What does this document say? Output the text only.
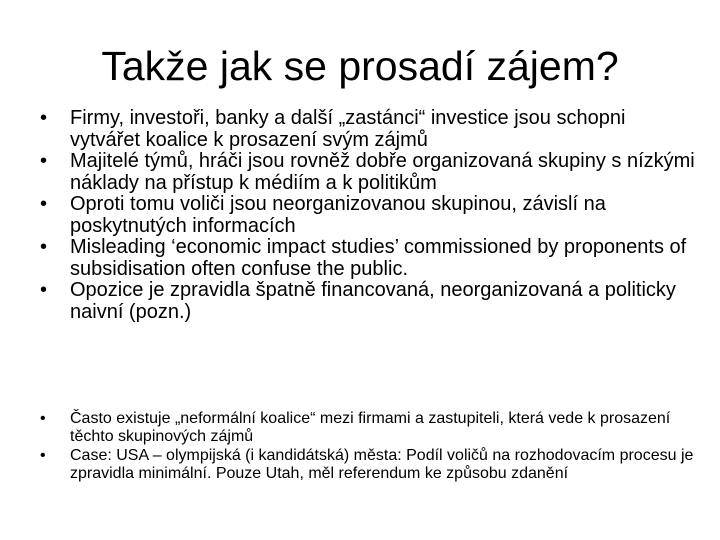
Takže jak se prosadí zájem?
• Firmy, investoři, banky a další „zastánci“ investice jsou schopni vytvářet koalice k prosazení svým zájmů
• Majitelé týmů, hráči jsou rovněž dobře organizovaná skupiny s nízkými náklady na přístup k médiím a k politikům
• Oproti tomu voliči jsou neorganizovanou skupinou, závislí na poskytnutých informacích
• Misleading ‘economic impact studies’ commissioned by proponents of subsidisation often confuse the public.
• Opozice je zpravidla špatně financovaná, neorganizovaná a politicky naivní (pozn.)
• Často existuje „neformální koalice“ mezi firmami a zastupiteli, která vede k prosazení těchto skupinových zájmů
• Case: USA – olympijská (i kandidátská) města: Podíl voličů na rozhodovacím procesu je zpravidla minimální. Pouze Utah, měl referendum ke způsobu zdanění
